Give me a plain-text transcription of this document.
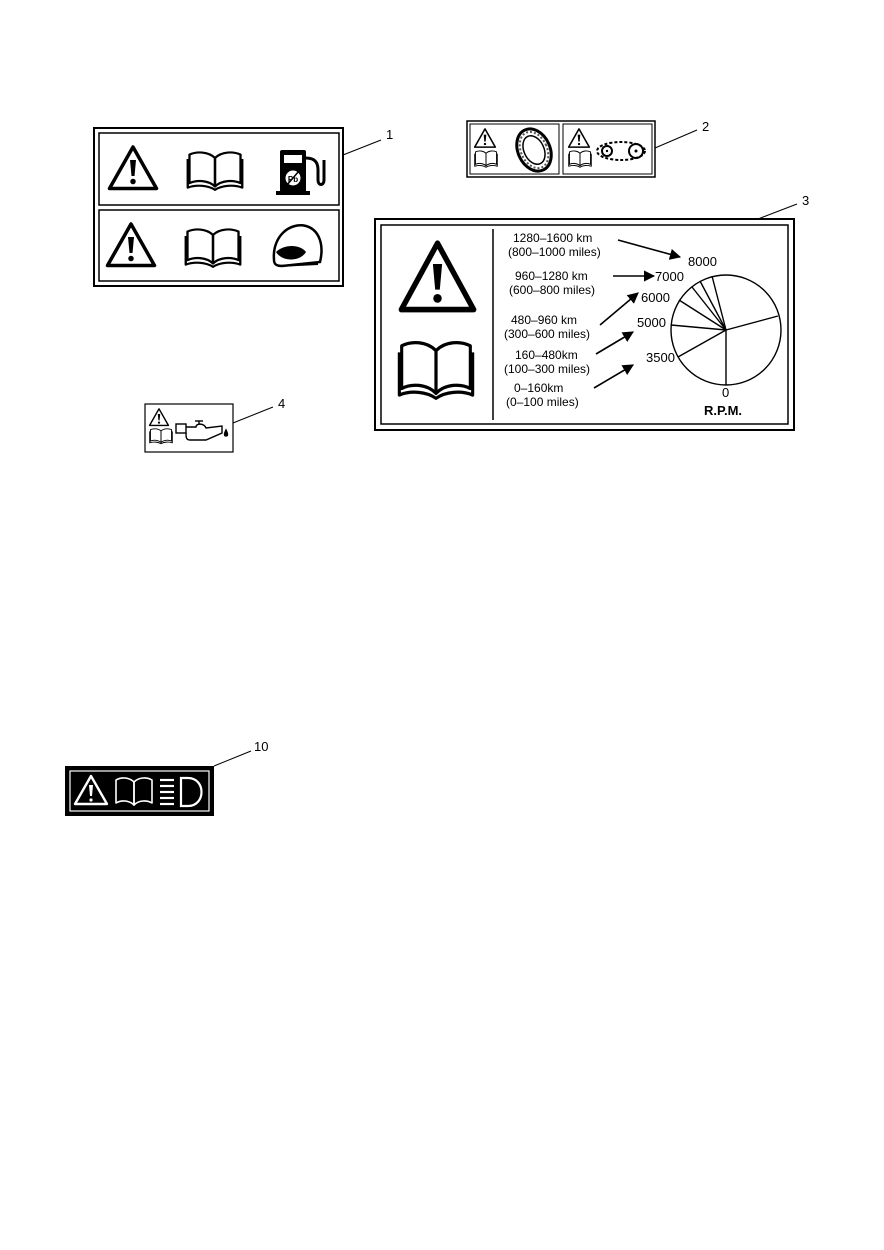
Pb
1
2
1280–1600 km
(800–1000 miles)
960–1280 km
(600–800 miles)
480–960 km
(300–600 miles)
160–480km
(100–300 miles)
0–160km
(0–100 miles)
8000
7000
6000
5000
3500
0
R.P.M.
3
4
10
